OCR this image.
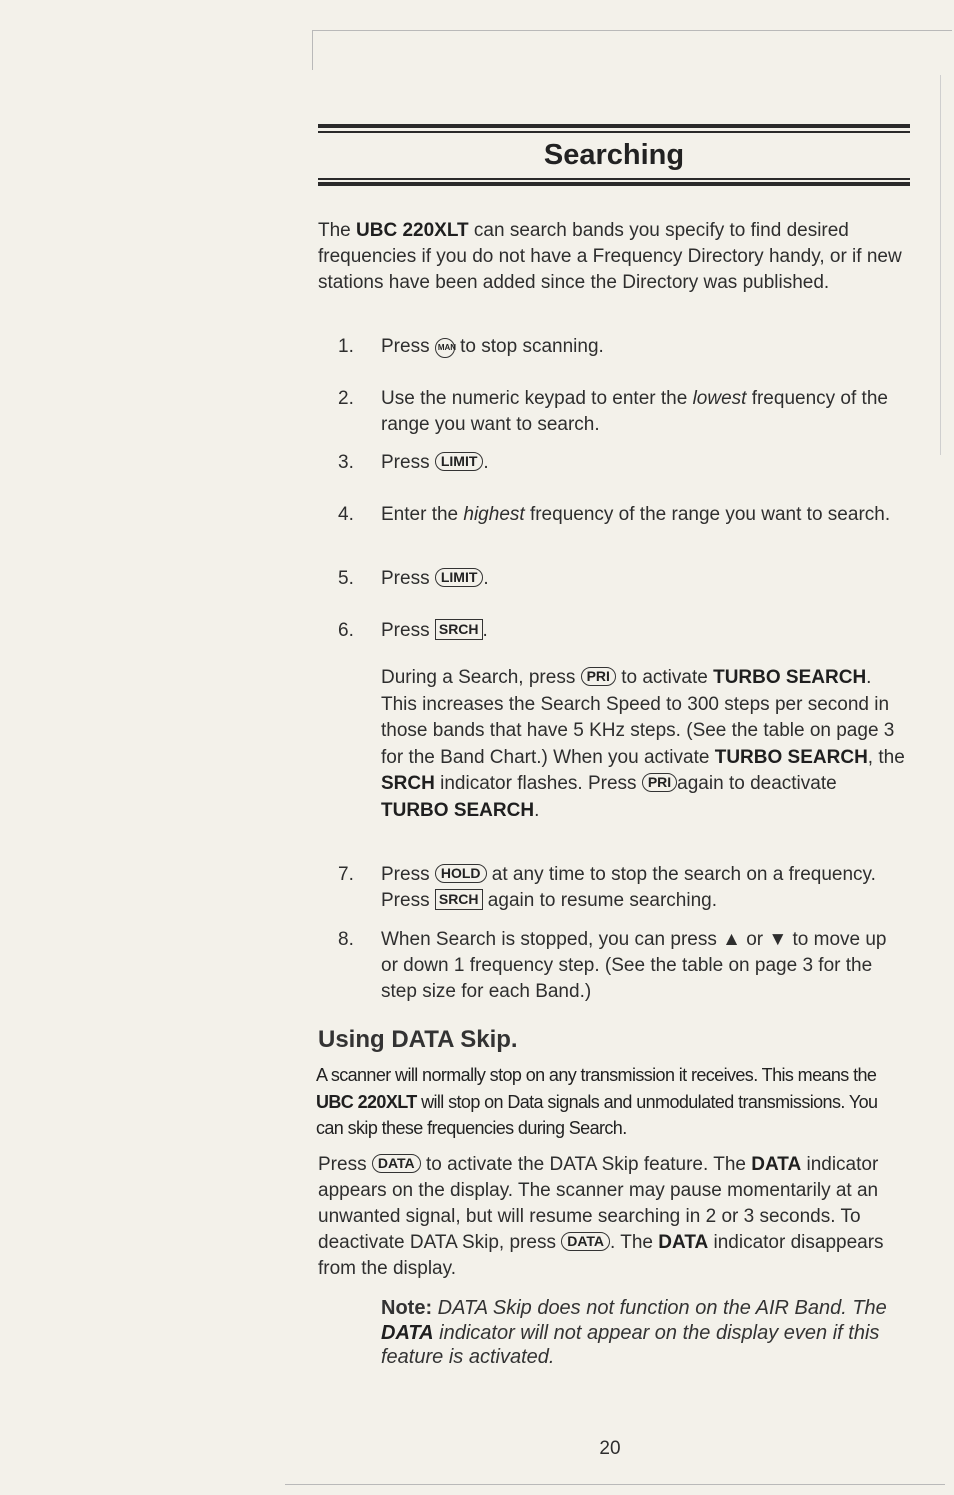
Searching
The UBC 220XLT can search bands you specify to find desired frequencies if you do not have a Frequency Directory handy, or if new stations have been added since the Directory was published.
1.	Press MAN to stop scanning.
2.	Use the numeric keypad to enter the lowest frequency of the range you want to search.
3.	Press LIMIT .
4.	Enter the highest frequency of the range you want to search.
5.	Press LIMIT .
6.	Press SRCH .
During a Search, press PRI to activate TURBO SEARCH. This increases the Search Speed to 300 steps per second in those bands that have 5 KHz steps. (See the table on page 3 for the Band Chart.) When you activate TURBO SEARCH, the SRCH indicator flashes. Press PRI again to deactivate TURBO SEARCH.
7.	Press HOLD at any time to stop the search on a frequency. Press SRCH again to resume searching.
8.	When Search is stopped, you can press ▲ or ▼ to move up or down 1 frequency step. (See the table on page 3 for the step size for each Band.)
Using DATA Skip.
A scanner will normally stop on any transmission it receives. This means the UBC 220XLT will stop on Data signals and unmodulated transmissions. You can skip these frequencies during Search.
Press DATA to activate the DATA Skip feature. The DATA indicator appears on the display. The scanner may pause momentarily at an unwanted signal, but will resume searching in 2 or 3 seconds. To deactivate DATA Skip, press DATA . The DATA indicator disappears from the display.
Note: DATA Skip does not function on the AIR Band. The DATA indicator will not appear on the display even if this feature is activated.
20
